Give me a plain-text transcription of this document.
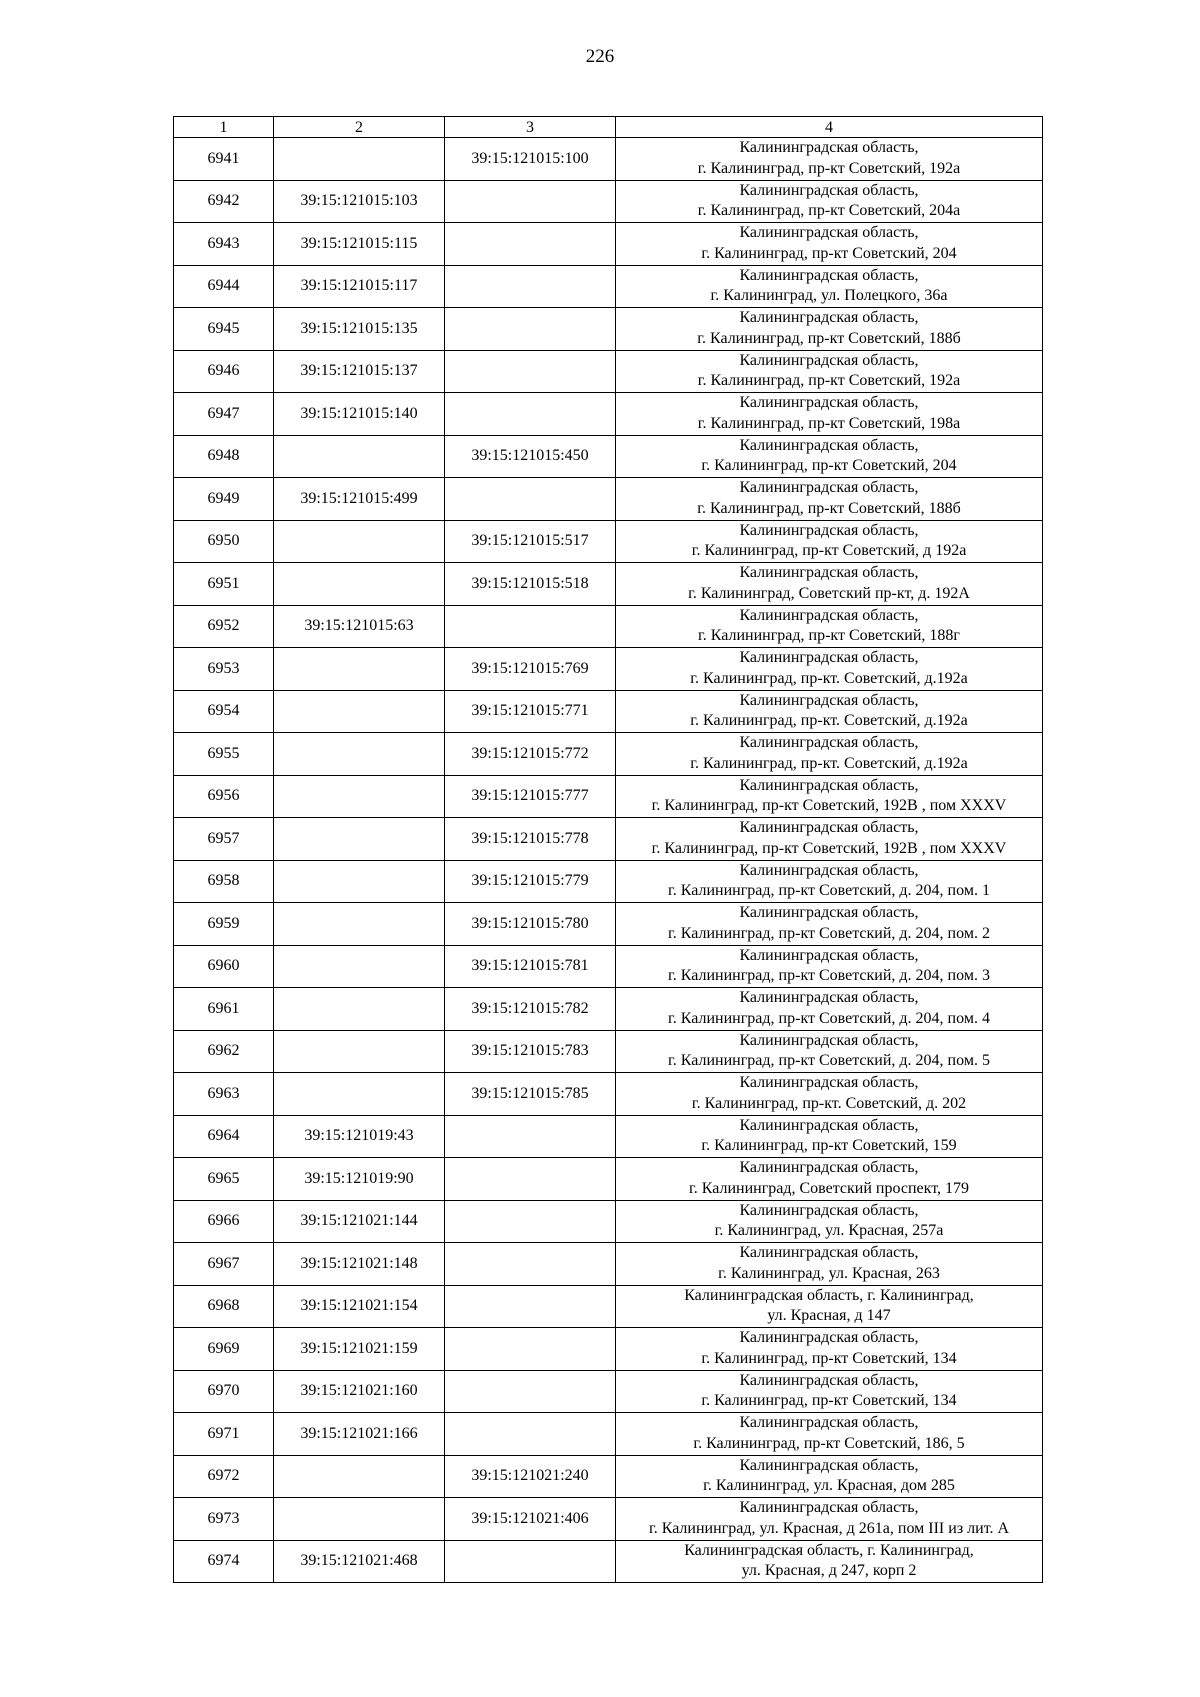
226
1	2	3	4
6941		39:15:121015:100	Калининградская область,
г. Калининград, пр-кт Советский, 192а

6942	39:15:121015:103		Калининградская область,
г. Калининград, пр-кт Советский, 204а

6943	39:15:121015:115		Калининградская область,
г. Калининград, пр-кт Советский, 204

6944	39:15:121015:117		Калининградская область,
г. Калининград, ул. Полецкого, 36а

6945	39:15:121015:135		Калининградская область,
г. Калининград, пр-кт Советский, 188б

6946	39:15:121015:137		Калининградская область,
г. Калининград, пр-кт Советский, 192а

6947	39:15:121015:140		Калининградская область,
г. Калининград, пр-кт Советский, 198а

6948		39:15:121015:450	Калининградская область,
г. Калининград, пр-кт Советский, 204

6949	39:15:121015:499		Калининградская область,
г. Калининград, пр-кт Советский, 188б

6950		39:15:121015:517	Калининградская область,
г. Калининград, пр-кт Советский, д 192а

6951		39:15:121015:518	Калининградская область,
г. Калининград, Советский пр-кт, д. 192А

6952	39:15:121015:63		Калининградская область,
г. Калининград, пр-кт Советский, 188г

6953		39:15:121015:769	Калининградская область,
г. Калининград, пр-кт. Советский, д.192а

6954		39:15:121015:771	Калининградская область,
г. Калининград, пр-кт. Советский, д.192а

6955		39:15:121015:772	Калининградская область,
г. Калининград, пр-кт. Советский, д.192а

6956		39:15:121015:777	Калининградская область,
г. Калининград, пр-кт Советский, 192В , пом XXXV

6957		39:15:121015:778	Калининградская область,
г. Калининград, пр-кт Советский, 192В , пом XXXV

6958		39:15:121015:779	Калининградская область,
г. Калининград, пр-кт Советский, д. 204, пом. 1

6959		39:15:121015:780	Калининградская область,
г. Калининград, пр-кт Советский, д. 204, пом. 2

6960		39:15:121015:781	Калининградская область,
г. Калининград, пр-кт Советский, д. 204, пом. 3

6961		39:15:121015:782	Калининградская область,
г. Калининград, пр-кт Советский, д. 204, пом. 4

6962		39:15:121015:783	Калининградская область,
г. Калининград, пр-кт Советский, д. 204, пом. 5

6963		39:15:121015:785	Калининградская область,
г. Калининград, пр-кт. Советский, д. 202

6964	39:15:121019:43		Калининградская область,
г. Калининград, пр-кт Советский, 159

6965	39:15:121019:90		Калининградская область,
г. Калининград, Советский проспект, 179

6966	39:15:121021:144		Калининградская область,
г. Калининград, ул. Красная, 257а

6967	39:15:121021:148		Калининградская область,
г. Калининград, ул. Красная, 263

6968	39:15:121021:154		Калининградская область, г. Калининград,
ул. Красная, д 147

6969	39:15:121021:159		Калининградская область,
г. Калининград, пр-кт Советский, 134

6970	39:15:121021:160		Калининградская область,
г. Калининград, пр-кт Советский, 134

6971	39:15:121021:166		Калининградская область,
г. Калининград, пр-кт Советский, 186, 5

6972		39:15:121021:240	Калининградская область,
г. Калининград, ул. Красная, дом 285

6973		39:15:121021:406	Калининградская область,
г. Калининград, ул. Красная, д 261а, пом III из лит. А

6974	39:15:121021:468		Калининградская область, г. Калининград,
ул. Красная, д 247, корп 2
